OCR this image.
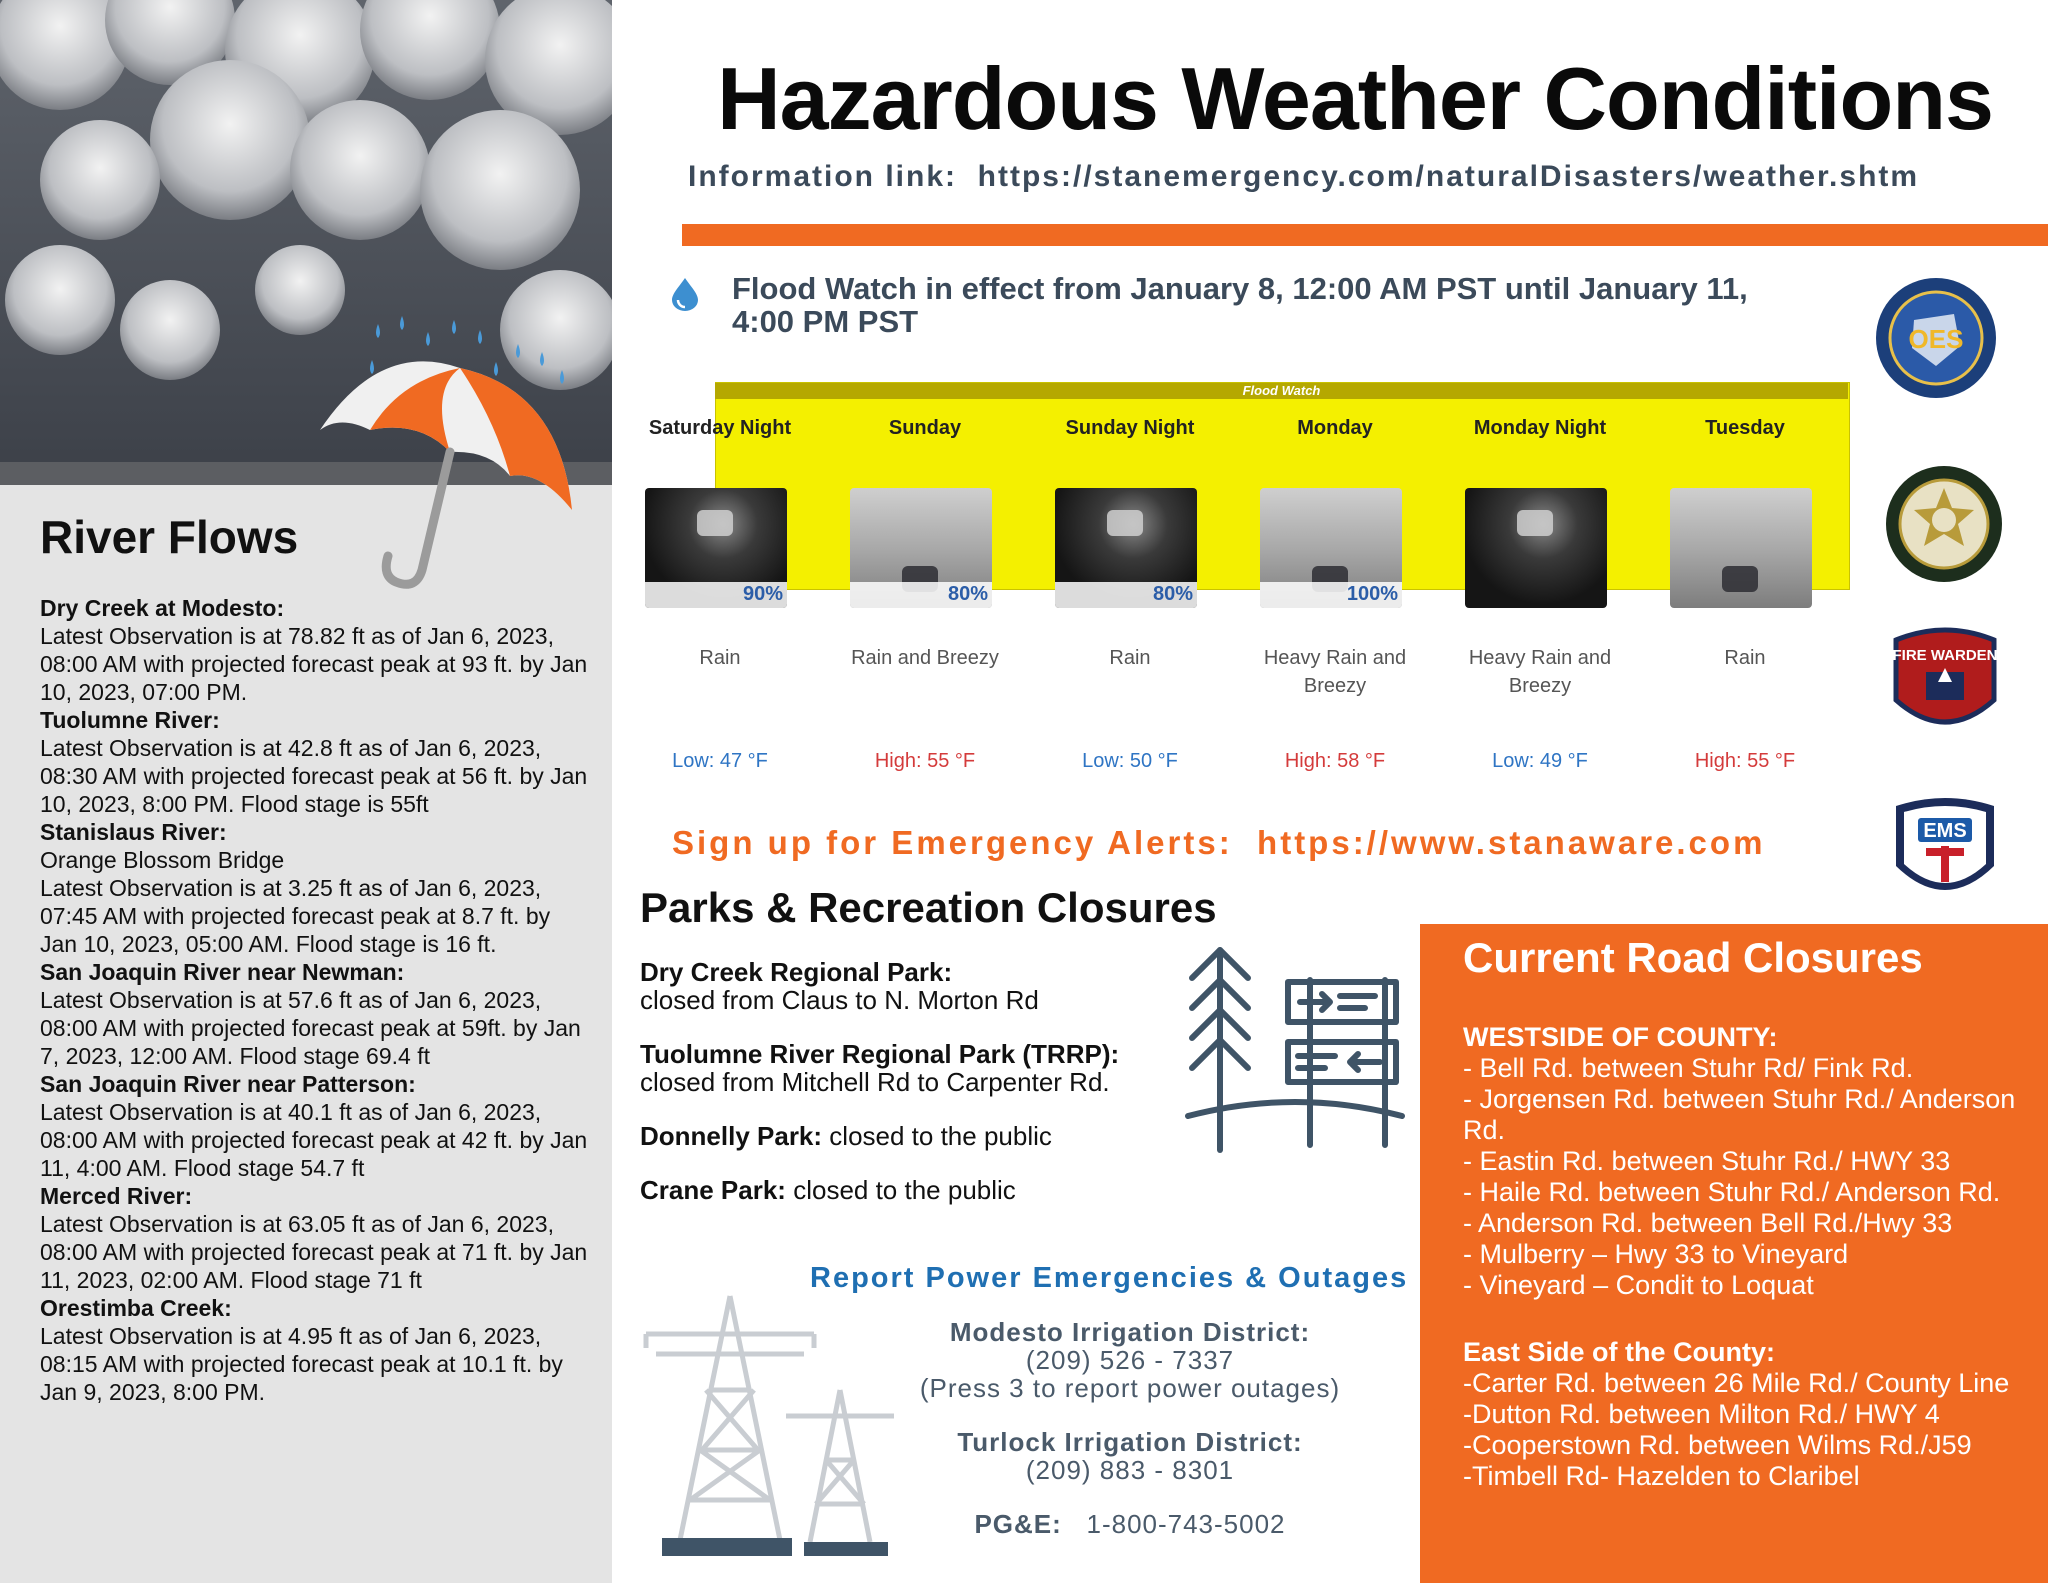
River Flows
Dry Creek at Modesto:
Latest Observation is at 78.82 ft as of Jan 6, 2023, 08:00 AM with projected forecast peak at 93 ft. by Jan 10, 2023, 07:00 PM.
Tuolumne River:
Latest Observation is at 42.8 ft as of Jan 6, 2023, 08:30 AM with projected forecast peak at 56 ft. by Jan 10, 2023, 8:00 PM. Flood stage is 55ft
Stanislaus River:
Orange Blossom Bridge
Latest Observation is at 3.25 ft as of Jan 6, 2023, 07:45 AM with projected forecast peak at 8.7 ft. by Jan 10, 2023, 05:00 AM. Flood stage is 16 ft.
San Joaquin River near Newman:
Latest Observation is at 57.6 ft as of Jan 6, 2023, 08:00 AM with projected forecast peak at 59ft. by Jan 7, 2023, 12:00 AM. Flood stage 69.4 ft
San Joaquin River near Patterson:
Latest Observation is at 40.1 ft as of Jan 6, 2023, 08:00 AM with projected forecast peak at 42 ft. by Jan 11, 4:00 AM. Flood stage 54.7 ft
Merced River:
Latest Observation is at 63.05 ft as of Jan 6, 2023, 08:00 AM with projected forecast peak at 71 ft. by Jan 11, 2023, 02:00 AM. Flood stage 71 ft
Orestimba Creek:
Latest Observation is at 4.95 ft as of Jan 6, 2023, 08:15 AM with projected forecast peak at 10.1 ft. by Jan 9, 2023, 8:00 PM.
Hazardous Weather Conditions
Information link: https://stanemergency.com/naturalDisasters/weather.shtm
Flood Watch in effect from January 8, 12:00 AM PST until January 11, 4:00 PM PST
Flood Watch
Saturday Night
90%
Rain
Low: 47 °F
Sunday
80%
Rain and Breezy
High: 55 °F
Sunday Night
80%
Rain
Low: 50 °F
Monday
100%
Heavy Rain and Breezy
High: 58 °F
Monday Night
Heavy Rain and Breezy
Low: 49 °F
Tuesday
Rain
High: 55 °F
OES
FIRE WARDEN
EMS
Sign up for Emergency Alerts: https://www.stanaware.com
Parks & Recreation Closures
Dry Creek Regional Park:
closed from Claus to N. Morton Rd
Tuolumne River Regional Park (TRRP):
closed from Mitchell Rd to Carpenter Rd.
Donnelly Park: closed to the public
Crane Park: closed to the public
Report Power Emergencies & Outages
Modesto Irrigation District:
(209) 526 - 7337
(Press 3 to report power outages)
Turlock Irrigation District:
(209) 883 - 8301
PG&E: 1-800-743-5002
Current Road Closures
WESTSIDE OF COUNTY:
- Bell Rd. between Stuhr Rd/ Fink Rd.
- Jorgensen Rd. between Stuhr Rd./ Anderson Rd.
- Eastin Rd. between Stuhr Rd./ HWY 33
- Haile Rd. between Stuhr Rd./ Anderson Rd.
- Anderson Rd. between Bell Rd./Hwy 33
- Mulberry – Hwy 33 to Vineyard
- Vineyard – Condit to Loquat
East Side of the County:
-Carter Rd. between 26 Mile Rd./ County Line
-Dutton Rd. between Milton Rd./ HWY 4
-Cooperstown Rd. between Wilms Rd./J59
-Timbell Rd- Hazelden to Claribel
